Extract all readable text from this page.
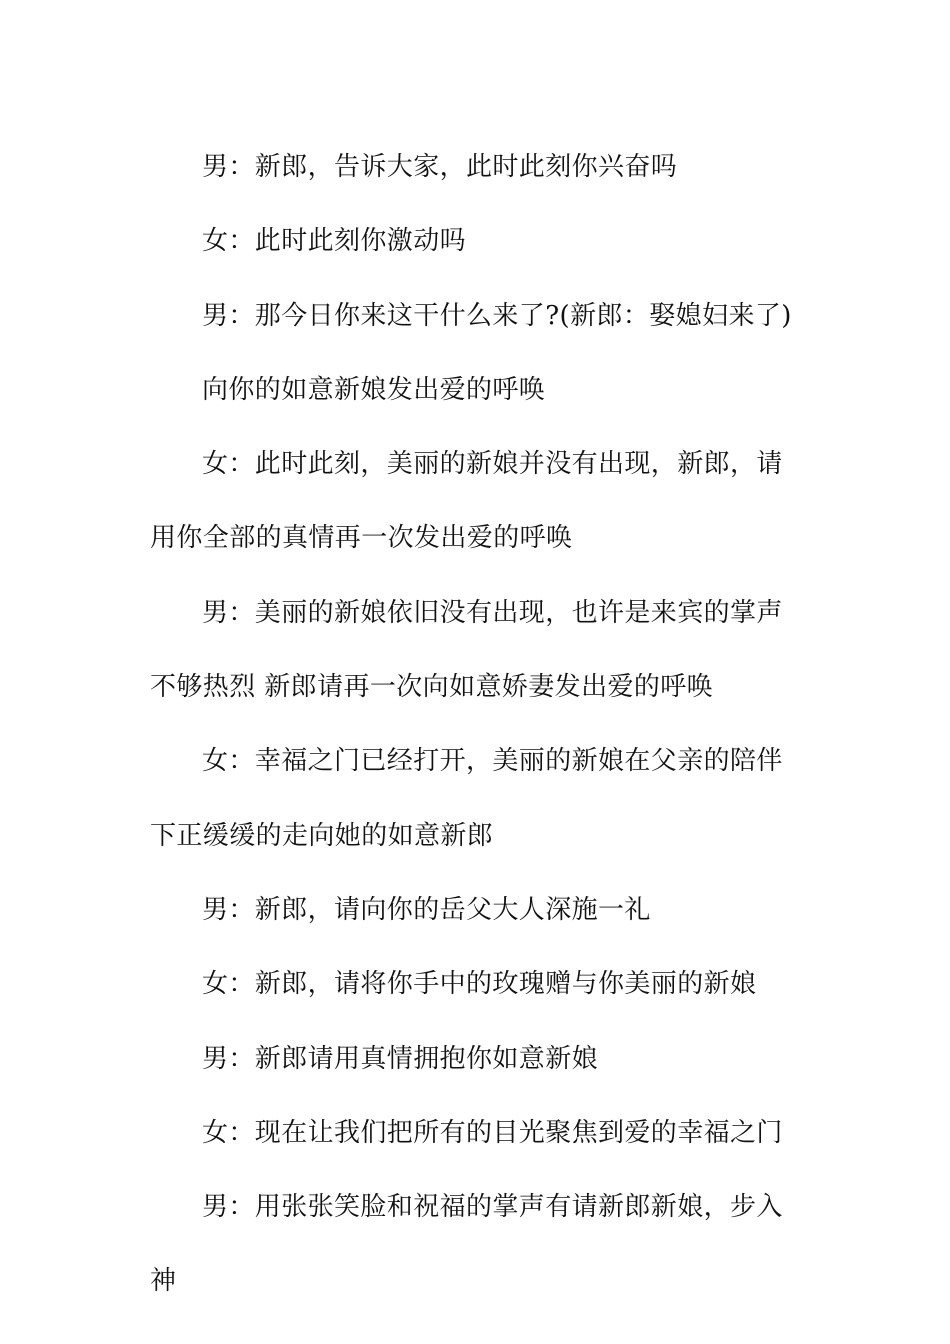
男：新郎，告诉大家，此时此刻你兴奋吗

女：此时此刻你激动吗

男：那今日你来这干什么来了?(新郎：娶媳妇来了)

向你的如意新娘发出爱的呼唤

女：此时此刻，美丽的新娘并没有出现，新郎，请用你全部的真情再一次发出爱的呼唤

男：美丽的新娘依旧没有出现，也许是来宾的掌声不够热烈 新郎请再一次向如意娇妻发出爱的呼唤

女：幸福之门已经打开，美丽的新娘在父亲的陪伴下正缓缓的走向她的如意新郎

男：新郎，请向你的岳父大人深施一礼

女：新郎，请将你手中的玫瑰赠与你美丽的新娘

男：新郎请用真情拥抱你如意新娘

女：现在让我们把所有的目光聚焦到爱的幸福之门

男：用张张笑脸和祝福的掌声有请新郎新娘，步入神
